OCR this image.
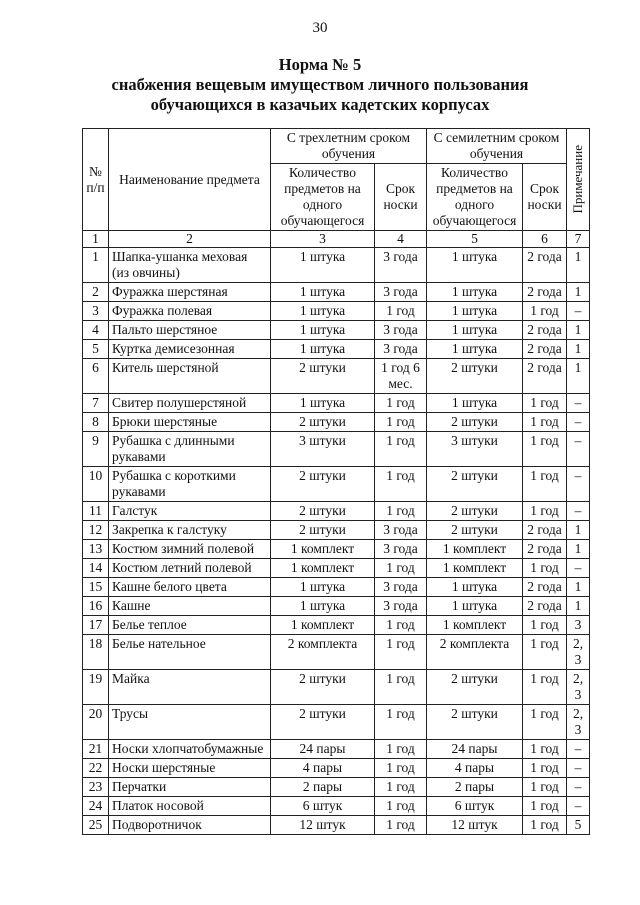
30
Норма № 5
снабжения вещевым имуществом личного пользования
обучающихся в казачьих кадетских корпусах
№ п/п	Наименование предмета	С трехлетним сроком обучения		С семилетним сроком обучения		Примечание

		Количество предметов на одного обучающегося	Срок носки	Количество предметов на одного обучающегося	Срок носки	
1	2	3	4	5	6	7
1	Шапка-ушанка меховая (из овчины)	1 штука	3 года	1 штука	2 года	1
2	Фуражка шерстяная	1 штука	3 года	1 штука	2 года	1
3	Фуражка полевая	1 штука	1 год	1 штука	1 год	–
4	Пальто шерстяное	1 штука	3 года	1 штука	2 года	1
5	Куртка демисезонная	1 штука	3 года	1 штука	2 года	1
6	Китель шерстяной	2 штуки	1 год 6 мес.	2 штуки	2 года	1
7	Свитер полушерстяной	1 штука	1 год	1 штука	1 год	–
8	Брюки шерстяные	2 штуки	1 год	2 штуки	1 год	–
9	Рубашка с длинными рукавами	3 штуки	1 год	3 штуки	1 год	–
10	Рубашка с короткими рукавами	2 штуки	1 год	2 штуки	1 год	–
11	Галстук	2 штуки	1 год	2 штуки	1 год	–
12	Закрепка к галстуку	2 штуки	3 года	2 штуки	2 года	1
13	Костюм зимний полевой	1 комплект	3 года	1 комплект	2 года	1
14	Костюм летний полевой	1 комплект	1 год	1 комплект	1 год	–
15	Кашне белого цвета	1 штука	3 года	1 штука	2 года	1
16	Кашне	1 штука	3 года	1 штука	2 года	1
17	Белье теплое	1 комплект	1 год	1 комплект	1 год	3
18	Белье нательное	2 комплекта	1 год	2 комплекта	1 год	2, 3
19	Майка	2 штуки	1 год	2 штуки	1 год	2, 3
20	Трусы	2 штуки	1 год	2 штуки	1 год	2, 3
21	Носки хлопчатобумажные	24 пары	1 год	24 пары	1 год	–
22	Носки шерстяные	4 пары	1 год	4 пары	1 год	–
23	Перчатки	2 пары	1 год	2 пары	1 год	–
24	Платок носовой	6 штук	1 год	6 штук	1 год	–
25	Подворотничок	12 штук	1 год	12 штук	1 год	5
